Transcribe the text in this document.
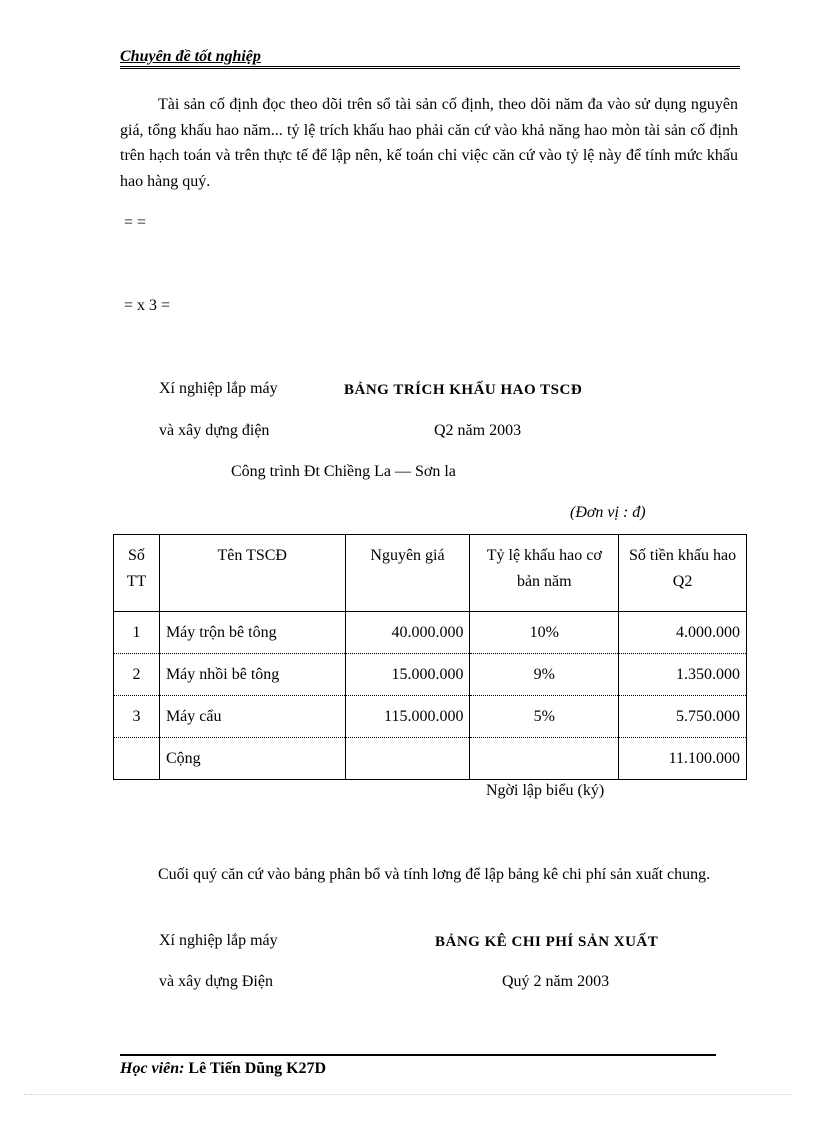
Chuyên đề tốt nghiệp
Tài sản cố định đọc theo dõi trên sổ tài sản cố định, theo dõi năm đa vào sử dụng nguyên giá, tổng khấu hao năm... tỷ lệ trích khấu hao phải căn cứ vào khả năng hao mòn tài sản cố định trên hạch toán và trên thực tế để lập nên, kế toán chỉ việc căn cứ vào tỷ lệ này để tính mức khấu hao hàng quý.
= =
= x 3 =
Xí nghiệp lắp máy	BẢNG TRÍCH KHẤU HAO TSCĐ
và xây dựng điện	Q2 năm 2003
Công trình Đt Chiềng La — Sơn la
(Đơn vị : đ)
Số TT	Tên TSCĐ	Nguyên giá	Tỷ lệ khấu hao cơ bản năm	Số tiền khấu hao Q2
1	Máy trộn bê tông	40.000.000	10%	4.000.000
2	Máy nhồi bê tông	15.000.000	9%	1.350.000
3	Máy cẩu	115.000.000	5%	5.750.000
	Cộng			11.100.000
Ngời lập biểu (ký)
Cuối quý căn cứ vào bảng phân bổ và tính lơng để lập bảng kê chi phí sản xuất chung.
Xí nghiệp lắp máy	BẢNG KÊ CHI PHÍ SẢN XUẤT
và xây dựng Điện	Quý 2 năm 2003
Học viên: Lê Tiến Dũng K27D
